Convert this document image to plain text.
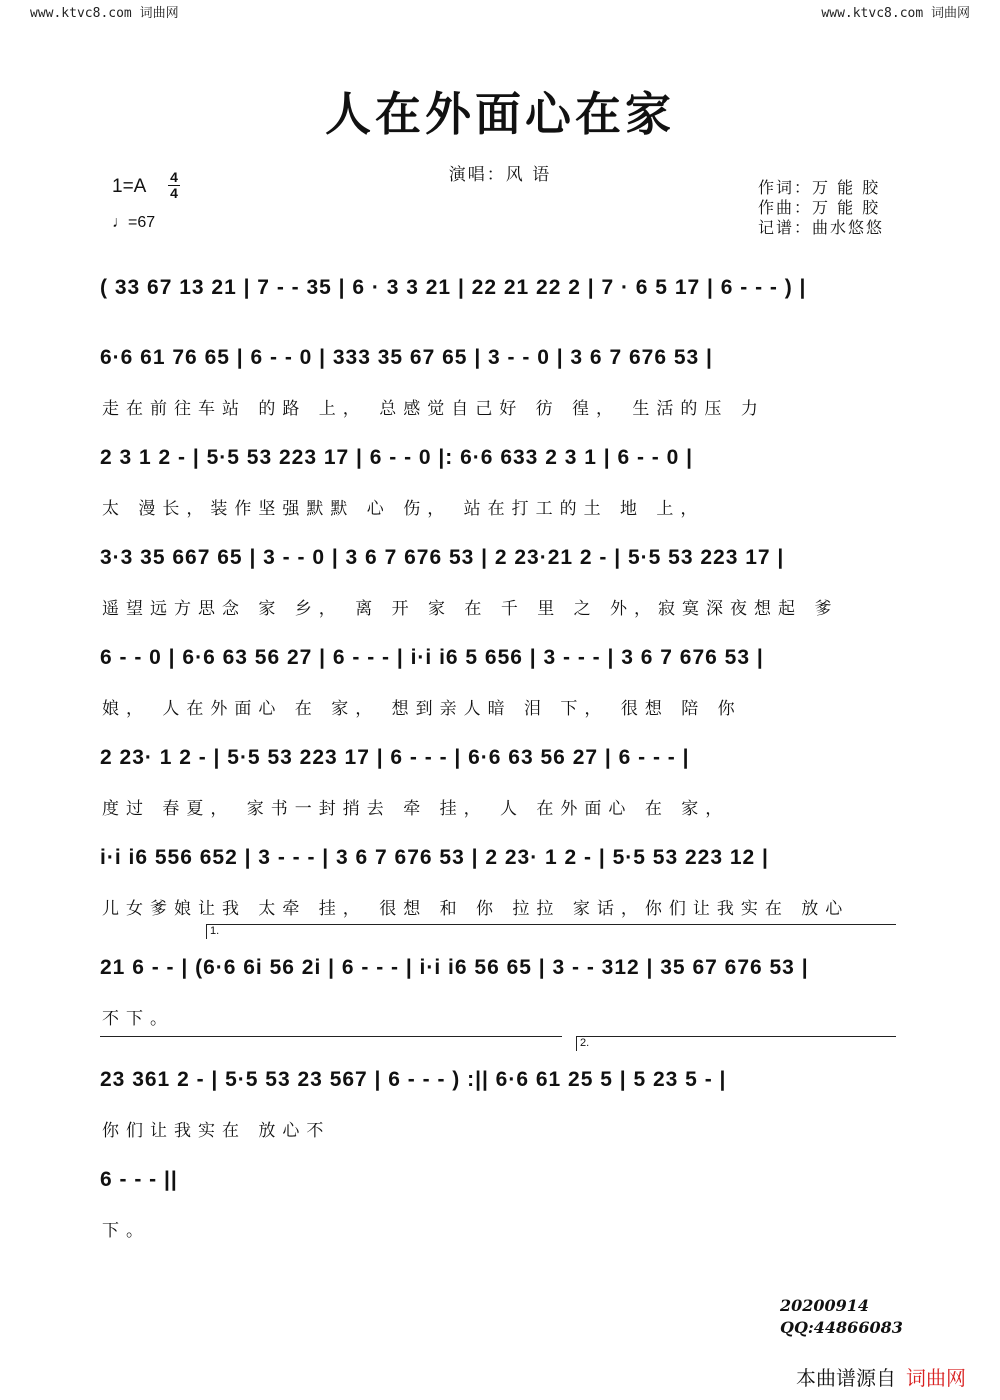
www.ktvc8.com 词曲网	www.ktvc8.com 词曲网
人在外面心在家
演唱：风 语
1=A 4
4
♩=67
作词：万 能 胶
作曲：万 能 胶
记谱：曲水悠悠
( 33 67 13 21 | 7 - - 35 | 6 · 3 3 21 | 22 21 22 2 | 7 · 6 5 17 | 6 - - - ) |
6·6 61 76 65 | 6 - - 0 | 333 35 67 65 | 3 - - 0 | 3 6 7 676 53 |
走在前往车站 的路 上， 总感觉自己好 彷 徨， 生活的压 力
2 3 1 2 - | 5·5 53 223 17 | 6 - - 0 |: 6·6 633 2 3 1 | 6 - - 0 |
太 漫长，装作坚强默默 心 伤， 站在打工的土 地 上，
3·3 35 667 65 | 3 - - 0 | 3 6 7 676 53 | 2 23·21 2 - | 5·5 53 223 17 |
遥望远方思念 家 乡， 离 开 家 在 千 里 之 外，寂寞深夜想起 爹
6 - - 0 | 6·6 63 56 27 | 6 - - - | i·i i6 5 656 | 3 - - - | 3 6 7 676 53 |
娘， 人在外面心 在 家， 想到亲人暗 泪 下， 很想 陪 你
2 23· 1 2 - | 5·5 53 223 17 | 6 - - - | 6·6 63 56 27 | 6 - - - |
度过 春夏， 家书一封捎去 牵 挂， 人 在外面心 在 家，
i·i i6 556 652 | 3 - - - | 3 6 7 676 53 | 2 23· 1 2 - | 5·5 53 223 12 |
儿女爹娘让我 太牵 挂， 很想 和 你 拉拉 家话，你们让我实在 放心
1.
21 6 - - | (6·6 6i 56 2i | 6 - - - | i·i i6 56 65 | 3 - - 312 | 35 67 676 53 |
不下。
2.
23 361 2 - | 5·5 53 23 567 | 6 - - - ) :|| 6·6 61 25 5 | 5 23 5 - |
你们让我实在 放心不
6 - - - ||
下。
20200914
QQ:44866083
本曲谱源自 词曲网
